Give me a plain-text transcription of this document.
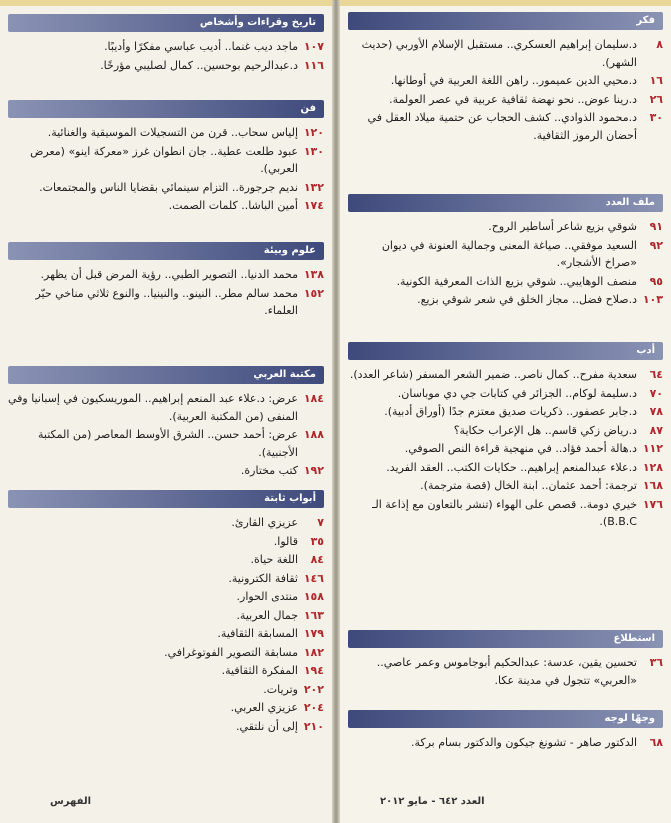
تاريخ وقراءات وأشخاص
١٠٧
ماجد ديب غنما.. أديب عباسي مفكرًا وأديبًا.
١١٦
د.عبدالرحيم بوحسين.. كمال لصليبي مؤرخًا.
فن
١٢٠
إلياس سحاب.. قرن من التسجيلات الموسيقية والغنائية.
١٣٠
عبود طلعت عطية.. جان انطوان غرز «معركة اينو» (معرض العربي).
١٣٢
نديم جرجورة.. التزام سينمائي بقضايا الناس والمجتمعات.
١٧٤
أمين الباشا.. كلمات الصمت.
علوم وبيئة
١٣٨
محمد الدنيا.. التصوير الطبي.. رؤية المرض قبل أن يظهر.
١٥٢
محمد سالم مطر.. النينو.. والنينيا.. والنوع ثلاثي مناخي حيّر العلماء.
مكتبة العربي
١٨٤
عرض: د.علاء عبد المنعم إبراهيم.. الموريسكيون في إسبانيا وفي المنفى (من المكتبة العربية).
١٨٨
عرض: أحمد حسن.. الشرق الأوسط المعاصر (من المكتبة الأجنبية).
١٩٢
كتب مختارة.
أبواب ثابتة
٧
عزيزي القارئ.
٣٥
قالوا.
٨٤
اللغة حياة.
١٤٦
ثقافة الكترونية.
١٥٨
منتدى الحوار.
١٦٣
جمال العربية.
١٧٩
المسابقة الثقافية.
١٨٢
مسابقة التصوير الفوتوغرافي.
١٩٤
المفكرة الثقافية.
٢٠٢
وتريات.
٢٠٤
عزيزي العربي.
٢١٠
إلى أن نلتقي.
الفهرس
فكر
٨
د.سليمان إبراهيم العسكري.. مستقبل الإسلام الأوربي (حديث الشهر).
١٦
د.محيي الدين عميمور.. راهن اللغة العربية في أوطانها.
٢٦
د.رينا عوض.. نحو نهضة ثقافية عربية في عصر العولمة.
٣٠
د.محمود الذوادي.. كشف الحجاب عن حتمية ميلاد العقل في أحضان الرموز الثقافية.
ملف العدد
٩١
شوقي بزيع شاعر أساطير الروح.
٩٢
السعيد موفقي.. صياغة المعنى وجمالية العنونة في ديوان «صراخ الأشجار».
٩٥
منصف الوهايبي.. شوقي بزيع الذات المعرفية الكونية.
١٠٣
د.صلاح فضل.. مجاز الخلق في شعر شوقي بزيع.
أدب
٦٤
سعدية مفرح.. كمال ناصر.. ضمير الشعر المسفر (شاعر العدد).
٧٠
د.سليمة لوكام.. الجزائر في كتابات جي دي موباسان.
٧٨
د.جابر عصفور.. ذكريات صديق معتزم جدًا (أوراق أدبية).
٨٧
د.رياض زكي قاسم.. هل الإعراب حكاية؟
١١٢
د.هالة أحمد فؤاد.. في منهجية قراءة النص الصوفي.
١٢٨
د.علاء عبدالمنعم إبراهيم.. حكايات الكتب.. العقد الفريد.
١٦٨
ترجمة: أحمد عثمان.. ابنة الخال (قصة مترجمة).
١٧٦
خيري دومة.. قصص على الهواء (تنشر بالتعاون مع إذاعة الـ B.B.C).
استطلاع
٣٦
تحسين يقين، عدسة: عبدالحكيم أبوجاموس وعمر عاصي.. «العربي» تتجول في مدينة عكا.
وجهًا لوجه
٦٨
الدكتور صاهر - تشونغ جيكون والدكتور بسام بركة.
العدد ٦٤٢ - مايو ٢٠١٢
